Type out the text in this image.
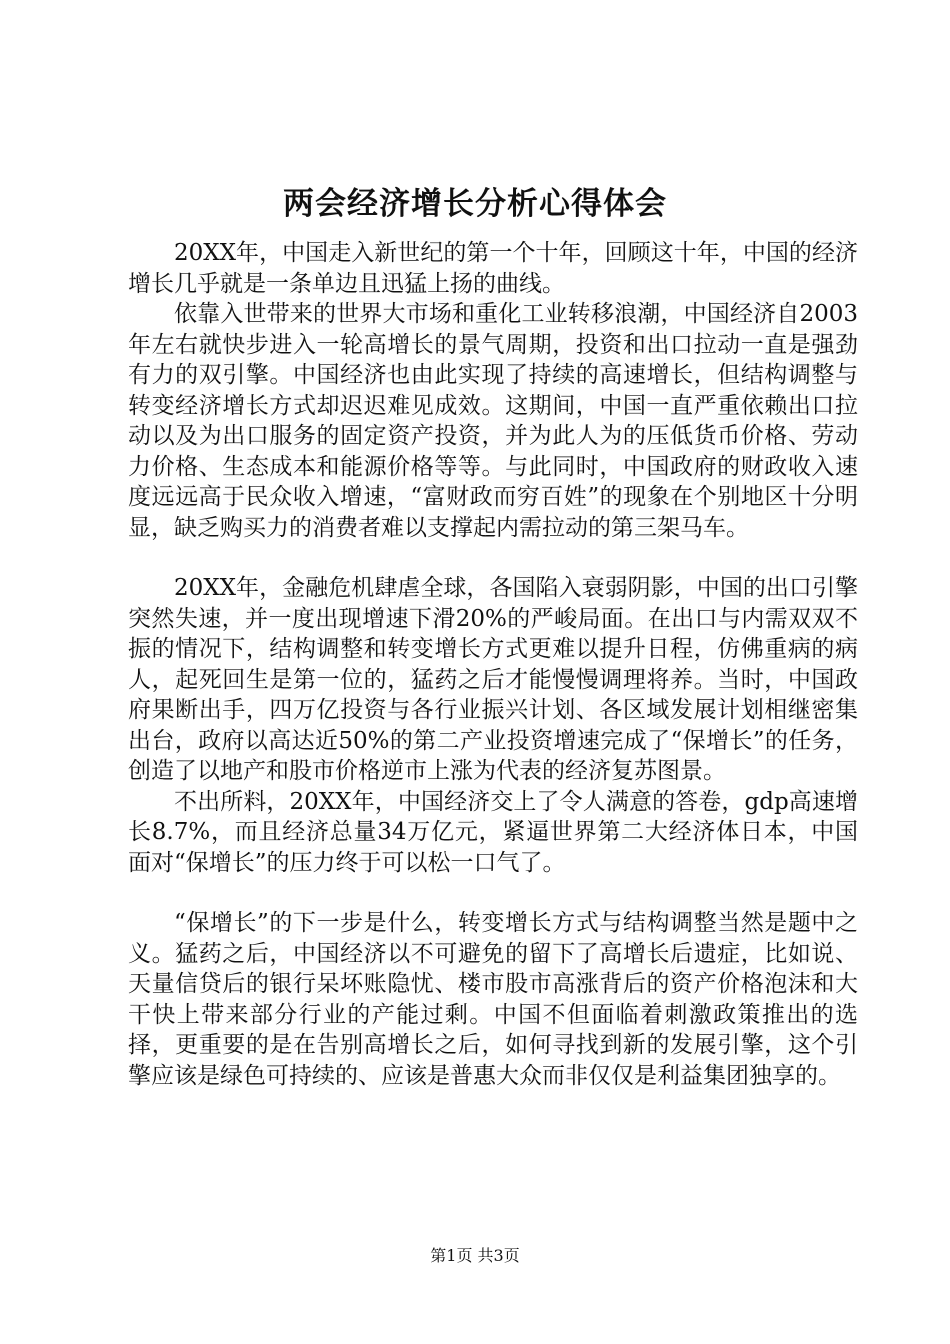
两会经济增长分析心得体会

20XX年，中国走入新世纪的第一个十年，回顾这十年，中国的经济增长几乎就是一条单边且迅猛上扬的曲线。

依靠入世带来的世界大市场和重化工业转移浪潮，中国经济自2003年左右就快步进入一轮高增长的景气周期，投资和出口拉动一直是强劲有力的双引擎。中国经济也由此实现了持续的高速增长，但结构调整与转变经济增长方式却迟迟难见成效。这期间，中国一直严重依赖出口拉动以及为出口服务的固定资产投资，并为此人为的压低货币价格、劳动力价格、生态成本和能源价格等等。与此同时，中国政府的财政收入速度远远高于民众收入增速，“富财政而穷百姓”的现象在个别地区十分明显，缺乏购买力的消费者难以支撑起内需拉动的第三架马车。

20XX年，金融危机肆虐全球，各国陷入衰弱阴影，中国的出口引擎突然失速，并一度出现增速下滑20%的严峻局面。在出口与内需双双不振的情况下，结构调整和转变增长方式更难以提升日程，仿佛重病的病人，起死回生是第一位的，猛药之后才能慢慢调理将养。当时，中国政府果断出手，四万亿投资与各行业振兴计划、各区域发展计划相继密集出台，政府以高达近50%的第二产业投资增速完成了“保增长”的任务，创造了以地产和股市价格逆市上涨为代表的经济复苏图景。

不出所料，20XX年，中国经济交上了令人满意的答卷，gdp高速增长8.7%，而且经济总量34万亿元，紧逼世界第二大经济体日本，中国面对“保增长”的压力终于可以松一口气了。

“保增长”的下一步是什么，转变增长方式与结构调整当然是题中之义。猛药之后，中国经济以不可避免的留下了高增长后遗症，比如说、天量信贷后的银行呆坏账隐忧、楼市股市高涨背后的资产价格泡沫和大干快上带来部分行业的产能过剩。中国不但面临着刺激政策推出的选择，更重要的是在告别高增长之后，如何寻找到新的发展引擎，这个引擎应该是绿色可持续的、应该是普惠大众而非仅仅是利益集团独享的。

第1页 共3页
